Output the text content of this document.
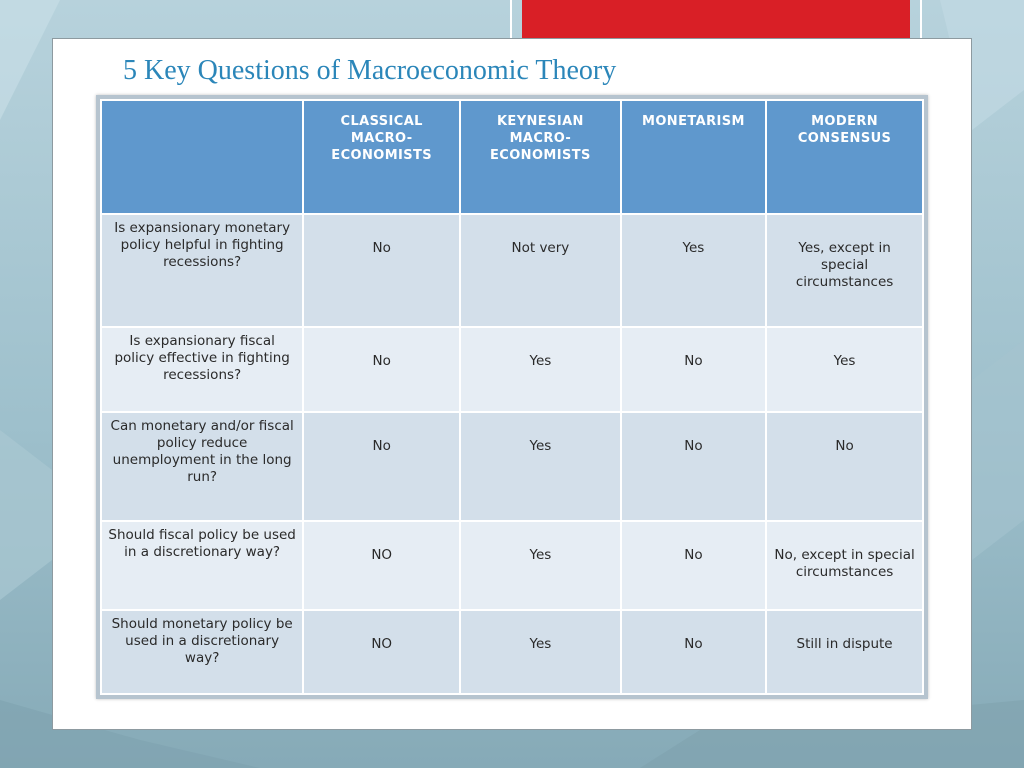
5 Key Questions of Macroeconomic Theory
	CLASSICAL MACRO-ECONOMISTS	KEYNESIAN MACRO-ECONOMISTS	MONETARISM	MODERN CONSENSUS
Is expansionary monetary policy helpful in fighting recessions?	No	Not very	Yes	Yes, except in special circumstances
Is expansionary fiscal policy effective in fighting recessions?	No	Yes	No	Yes
Can monetary and/or fiscal policy reduce unemployment in the long run?	No	Yes	No	No
Should fiscal policy be used in a discretionary way?	NO	Yes	No	No, except in special circumstances
Should monetary policy be used in a discretionary way?	NO	Yes	No	Still in dispute
